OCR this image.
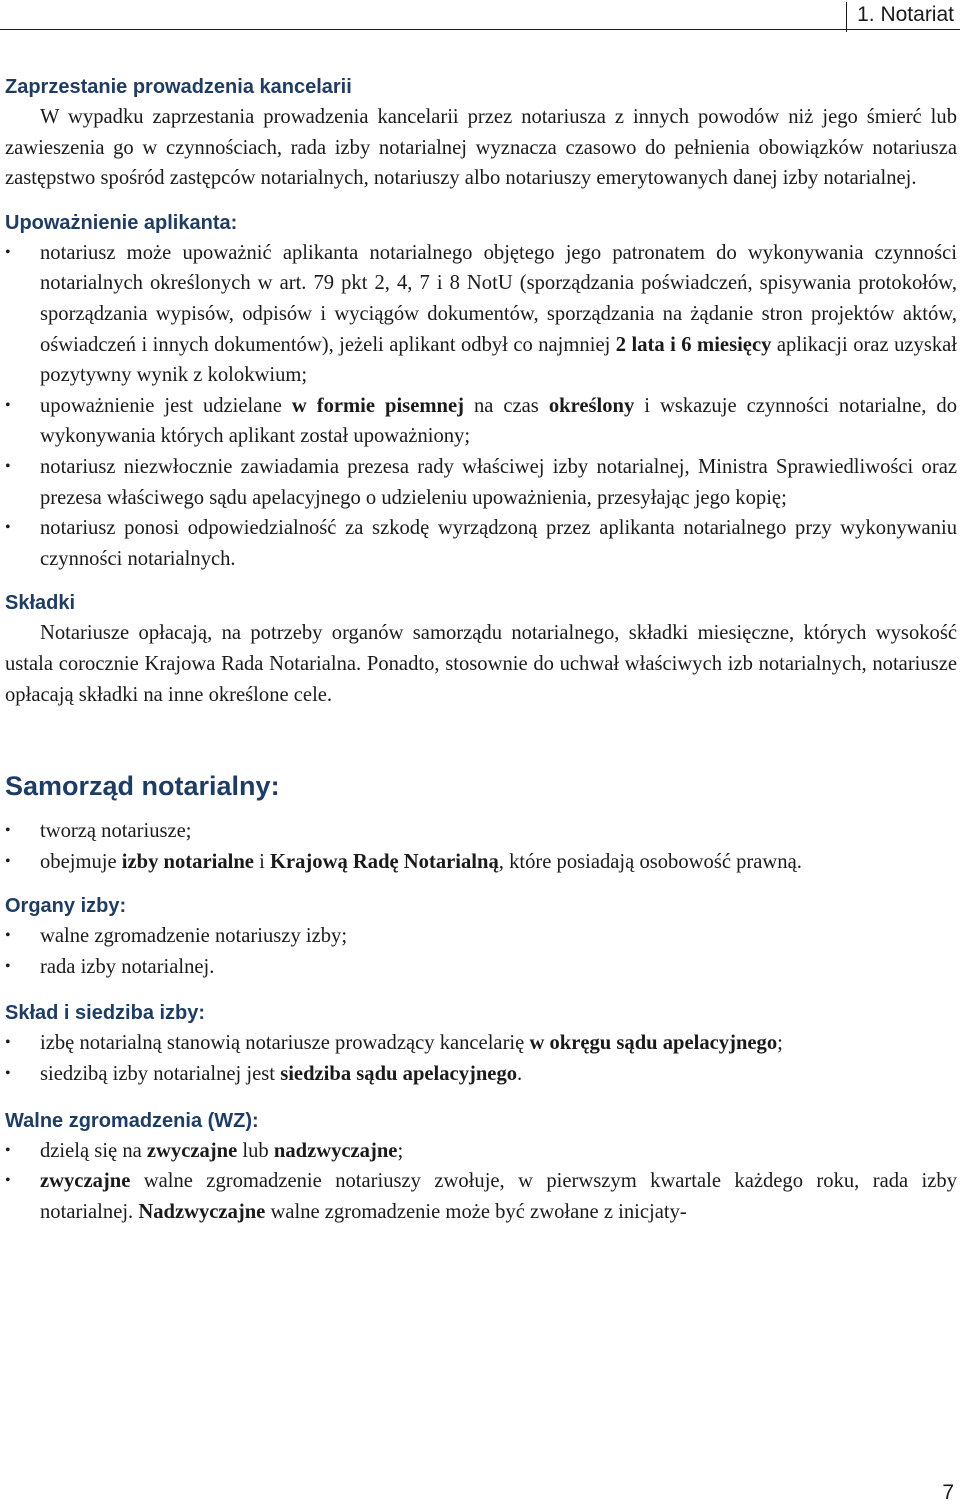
1. Notariat
Zaprzestanie prowadzenia kancelarii

W wypadku zaprzestania prowadzenia kancelarii przez notariusza z innych powodów niż jego śmierć lub zawieszenia go w czynnościach, rada izby notarialnej wyznacza czasowo do pełnienia obowiązków notariusza zastępstwo spośród zastępców notarialnych, notariuszy albo notariuszy emerytowanych danej izby notarialnej.

Upoważnienie aplikanta:
• notariusz może upoważnić aplikanta notarialnego objętego jego patronatem do wykonywania czynności notarialnych określonych w art. 79 pkt 2, 4, 7 i 8 NotU (sporządzania poświadczeń, spisywania protokołów, sporządzania wypisów, odpisów i wyciągów dokumentów, sporządzania na żądanie stron projektów aktów, oświadczeń i innych dokumentów), jeżeli aplikant odbył co najmniej 2 lata i 6 miesięcy aplikacji oraz uzyskał pozytywny wynik z kolokwium;
• upoważnienie jest udzielane w formie pisemnej na czas określony i wskazuje czynności notarialne, do wykonywania których aplikant został upoważniony;
• notariusz niezwłocznie zawiadamia prezesa rady właściwej izby notarialnej, Ministra Sprawiedliwości oraz prezesa właściwego sądu apelacyjnego o udzieleniu upoważnienia, przesyłając jego kopię;
• notariusz ponosi odpowiedzialność za szkodę wyrządzoną przez aplikanta notarialnego przy wykonywaniu czynności notarialnych.
Składki

Notariusze opłacają, na potrzeby organów samorządu notarialnego, składki miesięczne, których wysokość ustala corocznie Krajowa Rada Notarialna. Ponadto, stosownie do uchwał właściwych izb notarialnych, notariusze opłacają składki na inne określone cele.

Samorząd notarialny:
• tworzą notariusze;
• obejmuje izby notarialne i Krajową Radę Notarialną, które posiadają osobowość prawną.
Organy izby:
• walne zgromadzenie notariuszy izby;
• rada izby notarialnej.
Skład i siedziba izby:
• izbę notarialną stanowią notariusze prowadzący kancelarię w okręgu sądu apelacyjnego;
• siedzibą izby notarialnej jest siedziba sądu apelacyjnego.
Walne zgromadzenia (WZ):
• dzielą się na zwyczajne lub nadzwyczajne;
• zwyczajne walne zgromadzenie notariuszy zwołuje, w pierwszym kwartale każdego roku, rada izby notarialnej. Nadzwyczajne walne zgromadzenie może być zwołane z inicjaty-
7
